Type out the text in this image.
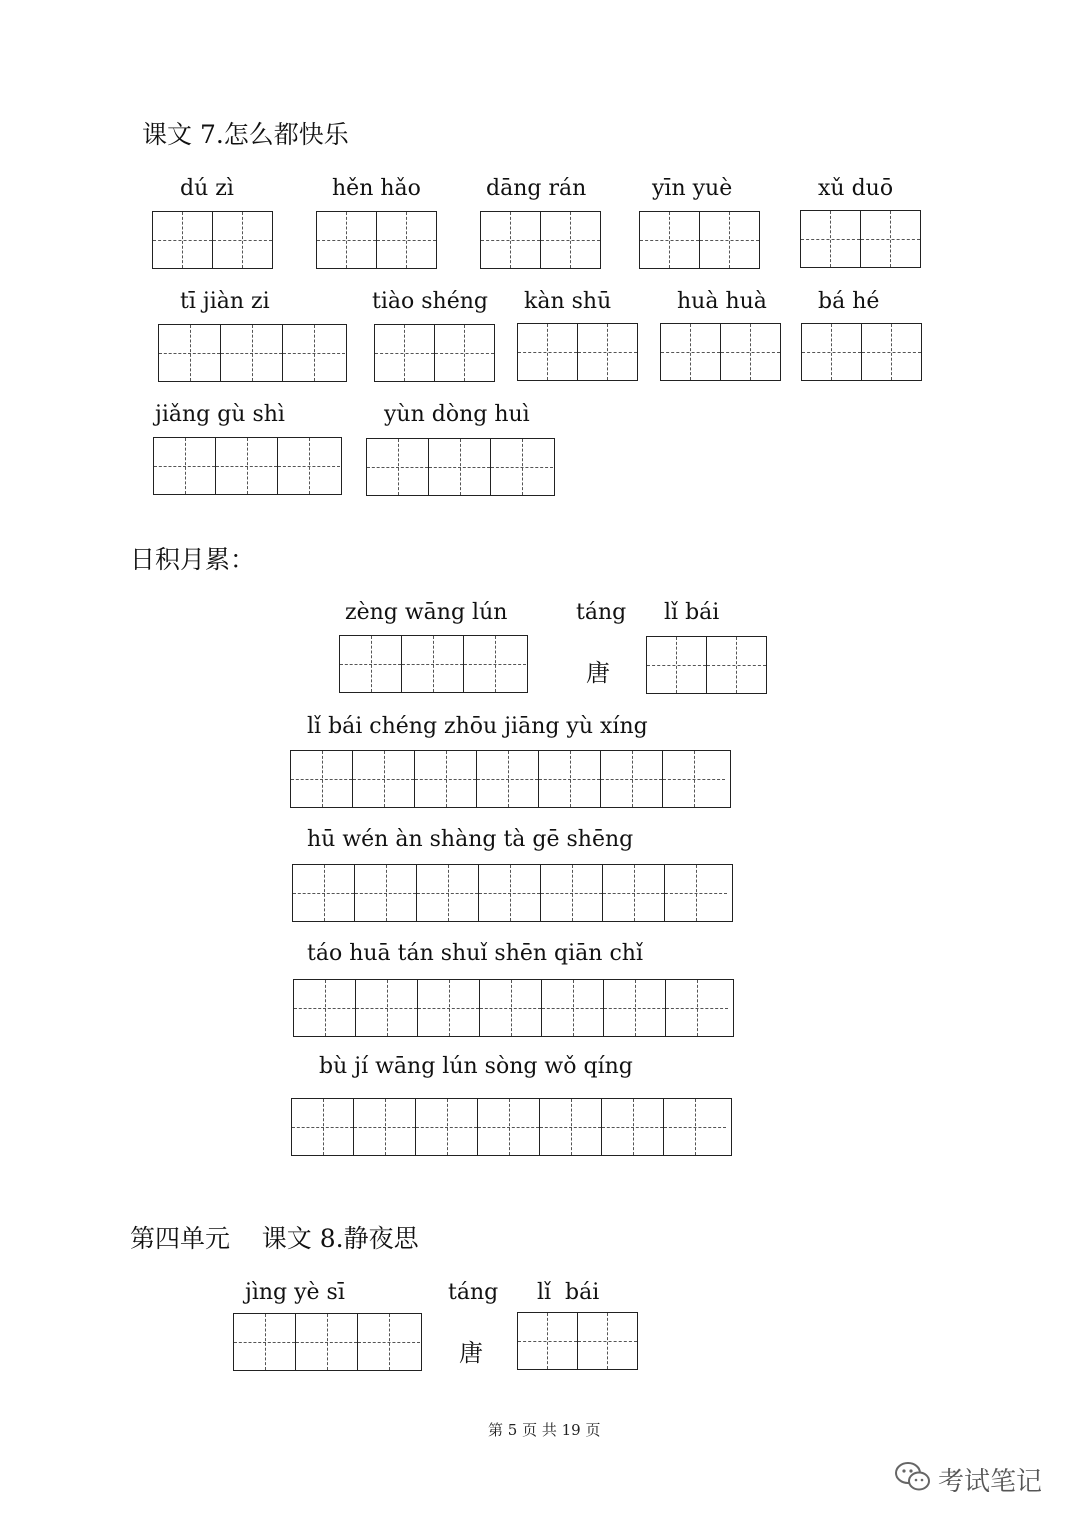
课文 7.怎么都快乐
dú zì	hěn hǎo	dāng rán	yīn yuè	xǔ duō
tī jiàn zi	tiào shéng kàn shū	huà huà bá hé
jiǎng gù shì	yùn dòng huì
日积月累：
zèng wāng lún	táng
唐
lǐ bái
lǐ bái chéng zhōu jiāng yù xíng
hū wén àn shàng tà gē shēng
táo huā tán shuǐ shēn qiān chǐ
bù jí wāng lún sòng wǒ qíng
第四单元    课文 8.静夜思
jìng yè sī	táng
唐
lǐ  bái
第 5 页 共 19 页
考试笔记
